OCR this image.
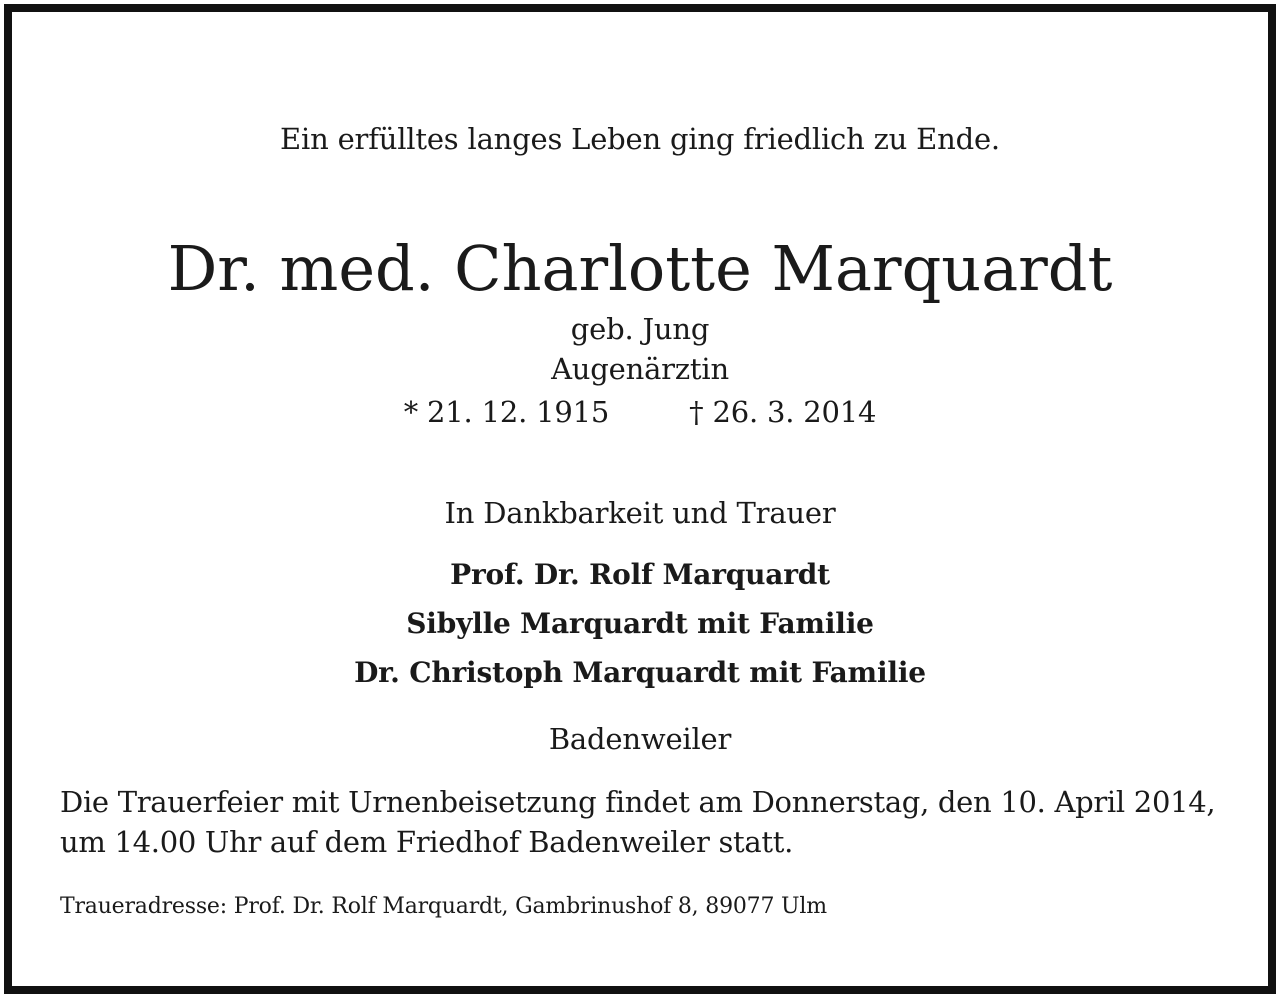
Ein erfülltes langes Leben ging friedlich zu Ende.
Dr. med. Charlotte Marquardt
geb. Jung
Augenärztin
* 21. 12. 1915	† 26. 3. 2014
In Dankbarkeit und Trauer
Prof. Dr. Rolf Marquardt
Sibylle Marquardt mit Familie
Dr. Christoph Marquardt mit Familie
Badenweiler
Die Trauerfeier mit Urnenbeisetzung findet am Donnerstag, den 10. April 2014,
um 14.00 Uhr auf dem Friedhof Badenweiler statt.
Traueradresse: Prof. Dr. Rolf Marquardt, Gambrinushof 8, 89077 Ulm
